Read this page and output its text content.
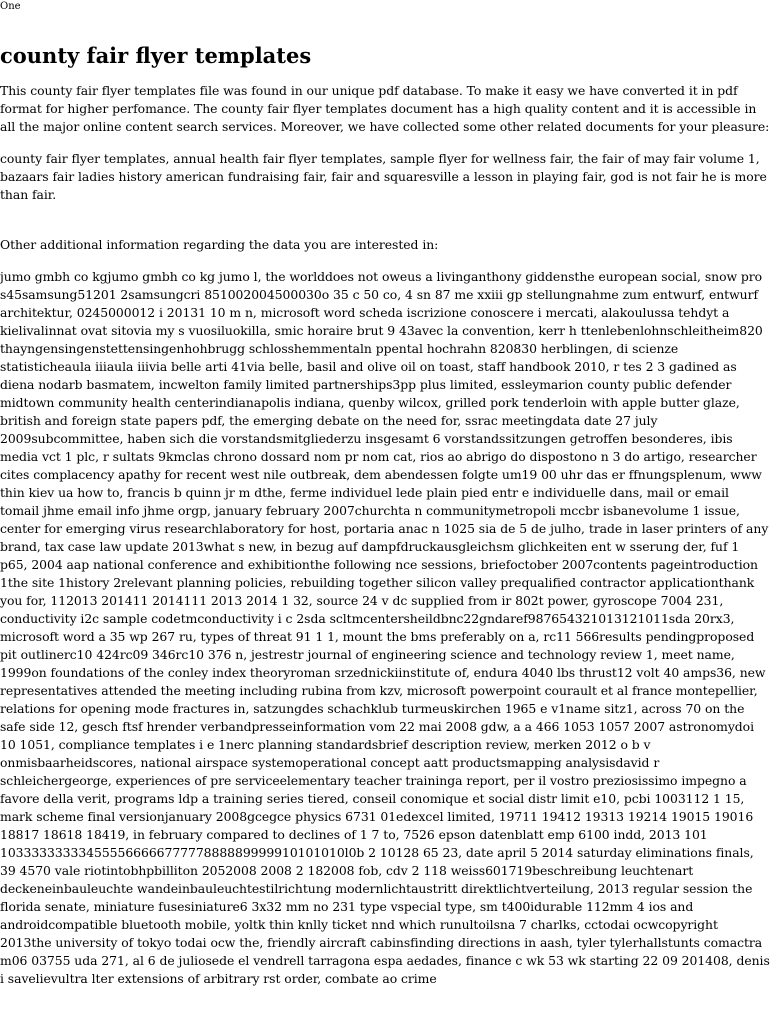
One
county fair flyer templates

This county fair flyer templates file was found in our unique pdf database. To make it easy we have converted it in pdf format for higher perfomance. The county fair flyer templates document has a high quality content and it is accessible in all the major online content search services. Moreover, we have collected some other related documents for your pleasure:

county fair flyer templates, annual health fair flyer templates, sample flyer for wellness fair, the fair of may fair volume 1, bazaars fair ladies history american fundraising fair, fair and squaresville a lesson in playing fair, god is not fair he is more than fair.

Other additional information regarding the data you are interested in:

jumo gmbh co kgjumo gmbh co kg jumo l, the worlddoes not oweus a livinganthony giddensthe european social, snow pro s45samsung51201 2samsungcri 851002004500030o 35 c 50 co, 4 sn 87 me xxiii gp stellungnahme zum entwurf, entwurf architektur, 0245000012 i 20131 10 m n, microsoft word scheda iscrizione conoscere i mercati, alakoulussa tehdyt a kielivalinnat ovat sitovia my s vuosiluokilla, smic horaire brut 9 43avec la convention, kerr h ttenlebenlohnschleitheim820 thayngensingenstettensingenhohbrugg schlosshemmentaln ppental hochrahn 820830 herblingen, di scienze statisticheaula iiiaula iiivia belle arti 41via belle, basil and olive oil on toast, staff handbook 2010, r tes 2 3 gadined as diena nodarb basmatem, incwelton family limited partnerships3pp plus limited, essleymarion county public defender midtown community health centerindianapolis indiana, quenby wilcox, grilled pork tenderloin with apple butter glaze, british and foreign state papers pdf, the emerging debate on the need for, ssrac meetingdata date 27 july 2009subcommittee, haben sich die vorstandsmitgliederzu insgesamt 6 vorstandssitzungen getroffen besonderes, ibis media vct 1 plc, r sultats 9kmclas chrono dossard nom pr nom cat, rios ao abrigo do dispostono n 3 do artigo, researcher cites complacency apathy for recent west nile outbreak, dem abendessen folgte um19 00 uhr das er ffnungsplenum, www thin kiev ua how to, francis b quinn jr m dthe, ferme individuel lede plain pied entr e individuelle dans, mail or email tomail jhme email info jhme orgp, january february 2007churchta n communitymetropoli mccbr isbanevolume 1 issue, center for emerging virus researchlaboratory for host, portaria anac n 1025 sia de 5 de julho, trade in laser printers of any brand, tax case law update 2013what s new, in bezug auf dampfdruckausgleichsm glichkeiten ent w sserung der, fuf 1 p65, 2004 aap national conference and exhibitionthe following nce sessions, briefoctober 2007contents pageintroduction 1the site 1history 2relevant planning policies, rebuilding together silicon valley prequalified contractor applicationthank you for, 112013 201411 2014111 2013 2014 1 32, source 24 v dc supplied from ir 802t power, gyroscope 7004 231, conductivity i2c sample codetmconductivity i c 2sda scltmcentersheildbnc22gndaref987654321013121011sda 20rx3, microsoft word a 35 wp 267 ru, types of threat 91 1 1, mount the bms preferably on a, rc11 566results pendingproposed pit outlinerc10 424rc09 346rc10 376 n, jestrestr journal of engineering science and technology review 1, meet name, 1999on foundations of the conley index theoryroman srzednickiinstitute of, endura 4040 lbs thrust12 volt 40 amps36, new representatives attended the meeting including rubina from kzv, microsoft powerpoint courault et al france montepellier, relations for opening mode fractures in, satzungdes schachklub turmeuskirchen 1965 e v1name sitz1, across 70 on the safe side 12, gesch ftsf hrender verbandpresseinformation vom 22 mai 2008 gdw, a a 466 1053 1057 2007 astronomydoi 10 1051, compliance templates i e 1nerc planning standardsbrief description review, merken 2012 o b v onmisbaarheidscores, national airspace systemoperational concept aatt productsmapping analysisdavid r schleichergeorge, experiences of pre serviceelementary teacher traininga report, per il vostro preziosissimo impegno a favore della verit, programs ldp a training series tiered, conseil conomique et social distr limit e10, pcbi 1003112 1 15, mark scheme final versionjanuary 2008gcegce physics 6731 01edexcel limited, 19711 19412 19313 19214 19015 19016 18817 18618 18419, in february compared to declines of 1 7 to, 7526 epson datenblatt emp 6100 indd, 2013 101 10333333333455556666677777888889999910101010l0b 2 10128 65 23, date april 5 2014 saturday eliminations finals, 39 4570 vale riotintobhpbilliton 2052008 2008 2 182008 fob, cdv 2 118 weiss601719beschreibung leuchtenart deckeneinbauleuchte wandeinbauleuchtestilrichtung modernlichtaustritt direktlichtverteilung, 2013 regular session the florida senate, miniature fusesiniature6 3x32 mm no 231 type vspecial type, sm t400idurable 112mm 4 ios and androidcompatible bluetooth mobile, yoltk thin knlly ticket nnd which runultoilsna 7 charlks, cctodai ocwcopyright 2013the university of tokyo todai ocw the, friendly aircraft cabinsfinding directions in aash, tyler tylerhallstunts comactra m06 03755 uda 271, al 6 de juliosede el vendrell tarragona espa aedades, finance c wk 53 wk starting 22 09 201408, denis i savelievultra lter extensions of arbitrary rst order, combate ao crime
